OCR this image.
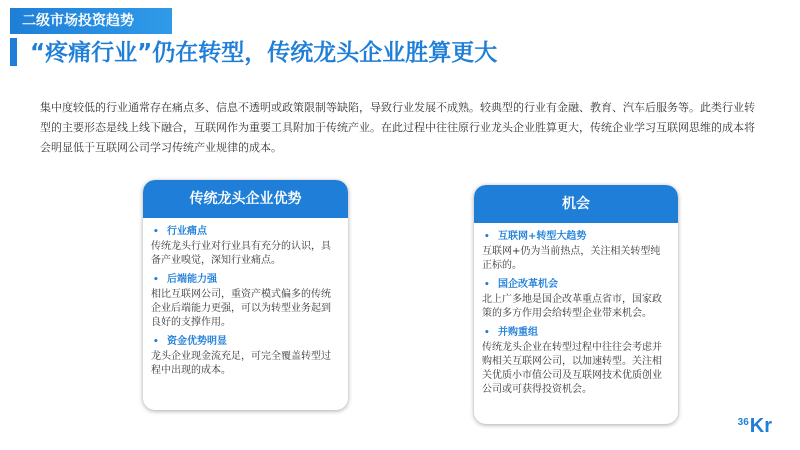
二级市场投资趋势
“疼痛行业”仍在转型，传统龙头企业胜算更大
集中度较低的行业通常存在痛点多、信息不透明或政策限制等缺陷，导致行业发展不成熟。较典型的行业有金融、教育、汽车后服务等。此类行业转型的主要形态是线上线下融合，互联网作为重要工具附加于传统产业。在此过程中往往原行业龙头企业胜算更大，传统企业学习互联网思维的成本将会明显低于互联网公司学习传统产业规律的成本。
传统龙头企业优势
• 行业痛点
传统龙头行业对行业具有充分的认识，具备产业嗅觉，深知行业痛点。
• 后端能力强
相比互联网公司，重资产模式偏多的传统企业后端能力更强，可以为转型业务起到良好的支撑作用。
• 资金优势明显
龙头企业现金流充足，可完全覆盖转型过程中出现的成本。
机会
• 互联网+转型大趋势
互联网+仍为当前热点，关注相关转型纯正标的。
• 国企改革机会
北上广多地是国企改革重点省市，国家政策的多方作用会给转型企业带来机会。
• 并购重组
传统龙头企业在转型过程中往往会考虑并购相关互联网公司，以加速转型。关注相关优质小市值公司及互联网技术优质创业公司或可获得投资机会。
$^{36}$Kr
